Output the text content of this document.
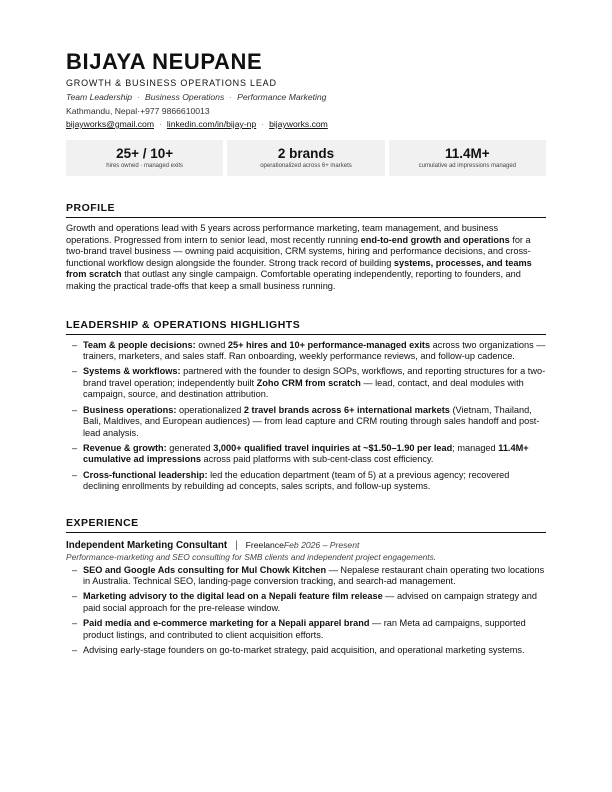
BIJAYA NEUPANE
GROWTH & BUSINESS OPERATIONS LEAD
Team Leadership · Business Operations · Performance Marketing
Kathmandu, Nepal·+977 9866610013
bijayworks@gmail.com · linkedin.com/in/bijay-np · bijayworks.com
25+ / 10+
hires owned · managed exits
2 brands
operationalized across 6+ markets
11.4M+
cumulative ad impressions managed
PROFILE
Growth and operations lead with 5 years across performance marketing, team management, and business operations. Progressed from intern to senior lead, most recently running end-to-end growth and operations for a two-brand travel business — owning paid acquisition, CRM systems, hiring and performance decisions, and cross-functional workflow design alongside the founder. Strong track record of building systems, processes, and teams from scratch that outlast any single campaign. Comfortable operating independently, reporting to founders, and making the practical trade-offs that keep a small business running.
LEADERSHIP & OPERATIONS HIGHLIGHTS
– Team & people decisions: owned 25+ hires and 10+ performance-managed exits across two organizations — trainers, marketers, and sales staff. Ran onboarding, weekly performance reviews, and follow-up cadence.
– Systems & workflows: partnered with the founder to design SOPs, workflows, and reporting structures for a two-brand travel operation; independently built Zoho CRM from scratch — lead, contact, and deal modules with campaign, source, and destination attribution.
– Business operations: operationalized 2 travel brands across 6+ international markets (Vietnam, Thailand, Bali, Maldives, and European audiences) — from lead capture and CRM routing through sales handoff and post-lead analysis.
– Revenue & growth: generated 3,000+ qualified travel inquiries at ~$1.50–1.90 per lead; managed 11.4M+ cumulative ad impressions across paid platforms with sub-cent-class cost efficiency.
– Cross-functional leadership: led the education department (team of 5) at a previous agency; recovered declining enrollments by rebuilding ad concepts, sales scripts, and follow-up systems.
EXPERIENCE
Independent Marketing Consultant | FreelanceFeb 2026 – Present
Performance-marketing and SEO consulting for SMB clients and independent project engagements.
– SEO and Google Ads consulting for Mul Chowk Kitchen — Nepalese restaurant chain operating two locations in Australia. Technical SEO, landing-page conversion tracking, and search-ad management.
– Marketing advisory to the digital lead on a Nepali feature film release — advised on campaign strategy and paid social approach for the pre-release window.
– Paid media and e-commerce marketing for a Nepali apparel brand — ran Meta ad campaigns, supported product listings, and contributed to client acquisition efforts.
– Advising early-stage founders on go-to-market strategy, paid acquisition, and operational marketing systems.
